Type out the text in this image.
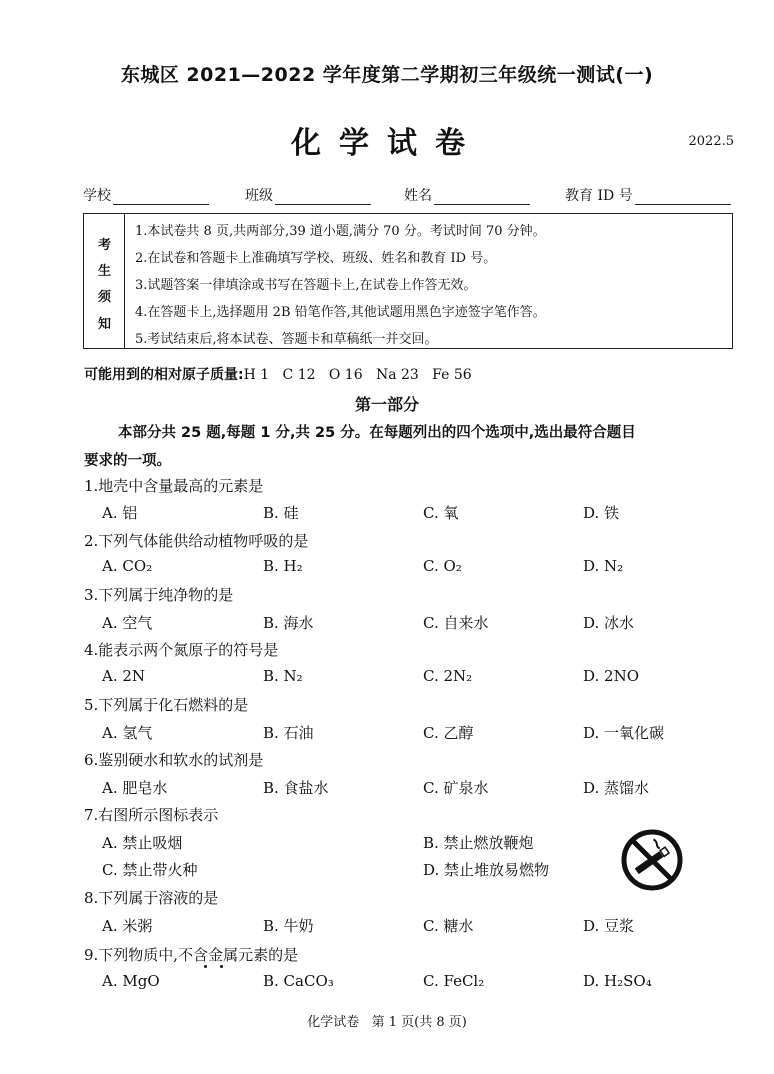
东城区 2021—2022 学年度第二学期初三年级统一测试(一)
化学试卷	2022.5
学校	班级	姓名	教育 ID 号
考
生
须
知
1.本试卷共 8 页,共两部分,39 道小题,满分 70 分。考试时间 70 分钟。
2.在试卷和答题卡上准确填写学校、班级、姓名和教育 ID 号。
3.试题答案一律填涂或书写在答题卡上,在试卷上作答无效。
4.在答题卡上,选择题用 2B 铅笔作答,其他试题用黑色字迹签字笔作答。
5.考试结束后,将本试卷、答题卡和草稿纸一并交回。
可能用到的相对原子质量:H 1   C 12   O 16   Na 23   Fe 56
第一部分
本部分共 25 题,每题 1 分,共 25 分。在每题列出的四个选项中,选出最符合题目
要求的一项。
1.地壳中含量最高的元素是
A. 铝	B. 硅	C. 氧	D. 铁
2.下列气体能供给动植物呼吸的是
A. CO₂	B. H₂	C. O₂	D. N₂
3.下列属于纯净物的是
A. 空气	B. 海水	C. 自来水	D. 冰水
4.能表示两个氮原子的符号是
A. 2N	B. N₂	C. 2N₂	D. 2NO
5.下列属于化石燃料的是
A. 氢气	B. 石油	C. 乙醇	D. 一氧化碳
6.鉴别硬水和软水的试剂是
A. 肥皂水	B. 食盐水	C. 矿泉水	D. 蒸馏水
7.右图所示图标表示
A. 禁止吸烟	B. 禁止燃放鞭炮
C. 禁止带火种	D. 禁止堆放易燃物
8.下列属于溶液的是
A. 米粥	B. 牛奶	C. 糖水	D. 豆浆
9.下列物质中,不含金属元素的是
A. MgO	B. CaCO₃	C. FeCl₂	D. H₂SO₄
化学试卷   第 1 页(共 8 页)
